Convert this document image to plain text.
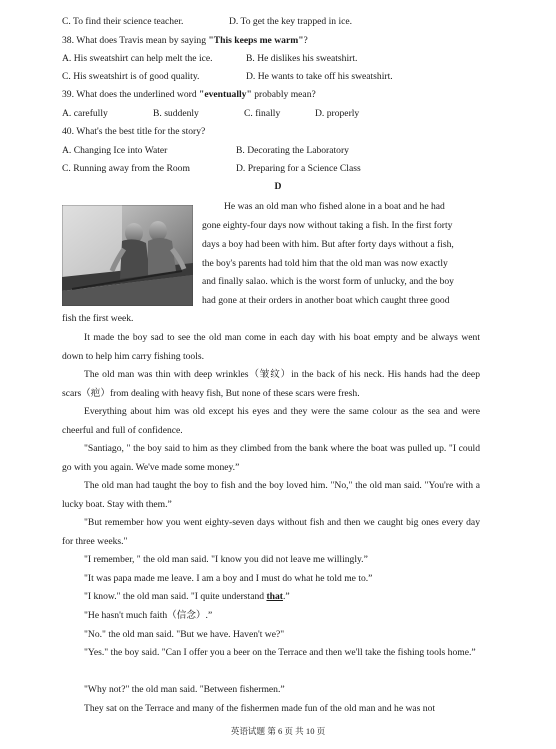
C. To find their science teacher.	D. To get the key trapped in ice.
38. What does Travis mean by saying "This keeps me warm"?
A. His sweatshirt can help melt the ice.	B. He dislikes his sweatshirt.
C. His sweatshirt is of good quality.	D. He wants to take off his sweatshirt.
39. What does the underlined word "eventually" probably mean?
A. carefully	B. suddenly	C. finally	D. properly
40. What's the best title for the story?
A. Changing Ice into Water	B. Decorating the Laboratory
C. Running away from the Room	D. Preparing for a Science Class
D
He was an old man who fished alone in a boat and he had
gone eighty-four days now without taking a fish. In the first forty
days a boy had been with him. But after forty days without a fish,
the boy's parents had told him that the old man was now exactly
and finally salao. which is the worst form of unlucky, and the boy
had gone at their orders in another boat which caught three good
fish the first week.
It made the boy sad to see the old man come in each day with his boat empty and be always went down to help him carry fishing tools.
The old man was thin with deep wrinkles（皱纹）in the back of his neck. His hands had the deep scars（疤）from dealing with heavy fish, But none of these scars were fresh.
Everything about him was old except his eyes and they were the same colour as the sea and were cheerful and full of confidence.
"Santiago, " the boy said to him as they climbed from the bank where the boat was pulled up. "I could go with you again. We've made some money.”
The old man had taught the boy to fish and the boy loved him. "No," the old man said. "You're with a lucky boat. Stay with them.”
"But remember how you went eighty-seven days without fish and then we caught big ones every day for three weeks."
"I remember, " the old man said. "I know you did not leave me willingly.”
"It was papa made me leave. I am a boy and I must do what he told me to.”
"I know." the old man said. "I quite understand that.”
"He hasn't much faith（信念）.”
"No." the old man said. "But we have. Haven't we?"
"Yes." the boy said. "Can I offer you a beer on the Terrace and then we'll take the fishing tools home.”
"Why not?" the old man said. "Between fishermen.”
They sat on the Terrace and many of the fishermen made fun of the old man and he was not
英语试题 第 6 页 共 10 页
